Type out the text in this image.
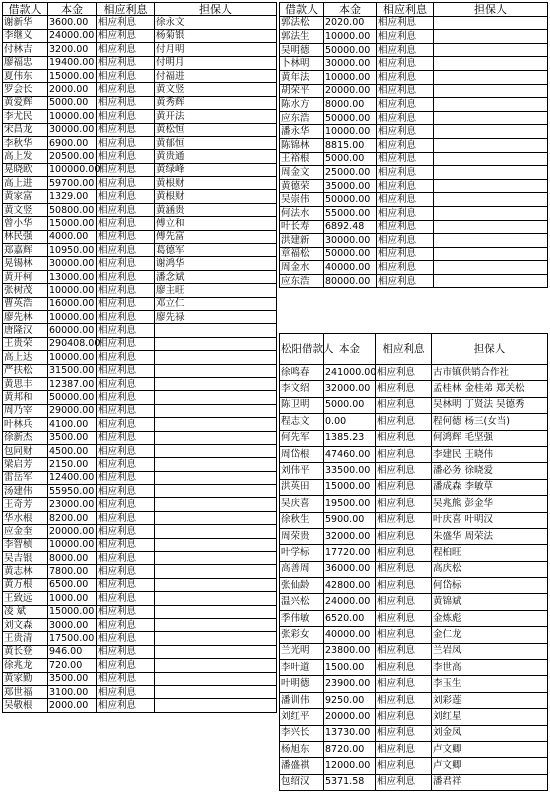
借款人	本金	相应利息	担保人
谢新华	3600.00	相应利息	徐永文
李继义	24000.00	相应利息	杨菊银
付林吉	3200.00	相应利息	付月明
廖福忠	19400.00	相应利息	付明月
夏伟东	15000.00	相应利息	付福进
罗会长	2000.00	相应利息	黄文竖
黄爱辉	5000.00	相应利息	黄秀辉
李尤民	10000.00	相应利息	黄开法
宋昌龙	30000.00	相应利息	黄松恒
李秋华	6900.00	相应利息	黄郁恒
高上发	20500.00	相应利息	黄贵通
晃晓欧	100000.00	相应利息	黄绿峰
高上进	59700.00	相应利息	黄根财
黄家富	1329.00	相应利息	黄根财
黄文竖	50800.00	相应利息	黄涵贵
曾小华	15000.00	相应利息	傅立和
林民强	4000.00	相应利息	傅先富
郑嘉辉	10950.00	相应利息	葛德军
晃锡林	30000.00	相应利息	谢鸿华
黄开柯	13000.00	相应利息	潘念斌
张树茂	10000.00	相应利息	廖主旺
曹英浩	16000.00	相应利息	邓立仁
廖先林	10000.00	相应利息	廖先禄
唐隆汉	60000.00	相应利息	
王贵荣	290408.00	相应利息	
高上达	10000.00	相应利息	
严扶松	31500.00	相应利息	
黄思丰	12387.00	相应利息	
黄邦和	50000.00	相应利息	
周乃宰	29000.00	相应利息	
叶林兵	4100.00	相应利息	
徐新杰	3500.00	相应利息	
包同财	4500.00	相应利息	
梁启芳	2150.00	相应利息	
雷岳军	12400.00	相应利息	
汤建伟	55950.00	相应利息	
王奇芳	23000.00	相应利息	
华水根	8200.00	相应利息	
应金奎	20000.00	相应利息	
李智桢	10000.00	相应利息	
吴吉银	8000.00	相应利息	
黄志林	7800.00	相应利息	
黄万根	6500.00	相应利息	
王致远	1000.00	相应利息	
凌 斌	15000.00	相应利息	
刘文森	3000.00	相应利息	
王贵清	17500.00	相应利息	
黄长登	946.00	相应利息	
徐兆龙	720.00	相应利息	
黄家勤	3500.00	相应利息	
郑世福	3100.00	相应利息	
吴敬根	2000.00	相应利息	
借款人	本金	相应利息	担保人
郭法松	2020.00	相应利息	
郭法生	10000.00	相应利息	
吴明德	50000.00	相应利息	
卜林明	30000.00	相应利息	
黄年法	10000.00	相应利息	
胡荣平	20000.00	相应利息	
陈水方	8000.00	相应利息	
应东浩	50000.00	相应利息	
潘永华	10000.00	相应利息	
陈锦林	8815.00	相应利息	
王裕根	5000.00	相应利息	
周金文	25000.00	相应利息	
黄德荣	35000.00	相应利息	
吴崇伟	50000.00	相应利息	
何法水	55000.00	相应利息	
叶长寿	6892.48	相应利息	
洪建新	30000.00	相应利息	
章福松	50000.00	相应利息	
周金水	40000.00	相应利息	
应东浩	80000.00	相应利息	
松阳借款人	本金	相应利息	担保人
徐鸣春	241000.00	相应利息	古市镇供销合作社
李文绍	32000.00	相应利息	孟桂林 金桂弟 郑关松
陈卫明	5000.00	相应利息	吴林明 丁贤法 吴德秀
程志文	0.00	相应利息	程何德 杨三(女当)
何先军	1385.23	相应利息	何鸿辉 毛坚强
周岱根	47460.00	相应利息	李建民 王晓伟
刘伟平	33500.00	相应利息	潘必务 徐晓爱
洪英田	15000.00	相应利息	潘成森 李敏草
吴庆喜	19500.00	相应利息	吴兆熊 彭金华
徐秋生	5900.00	相应利息	叶庆喜 叶明汉
周荣贵	32000.00	相应利息	朱盛华 周荣法
叶学标	17720.00	相应利息	程桕旺
高善周	36000.00	相应利息	高庆松
张仙龄	42800.00	相应利息	何岱标
温兴松	24000.00	相应利息	黄锦斌
季伟敏	6520.00	相应利息	金炼彪
张彩女	40000.00	相应利息	金仁龙
兰光明	23800.00	相应利息	兰岩凤
李叶道	1500.00	相应利息	李世高
叶明德	23900.00	相应利息	李玉生
潘训伟	9250.00	相应利息	刘彩莲
刘红平	20000.00	相应利息	刘红星
李兴长	13730.00	相应利息	刘金凤
杨旭东	8720.00	相应利息	卢文卿
潘盛祺	12000.00	相应利息	卢文卿
包绍汉	5371.58	相应利息	潘君祥
